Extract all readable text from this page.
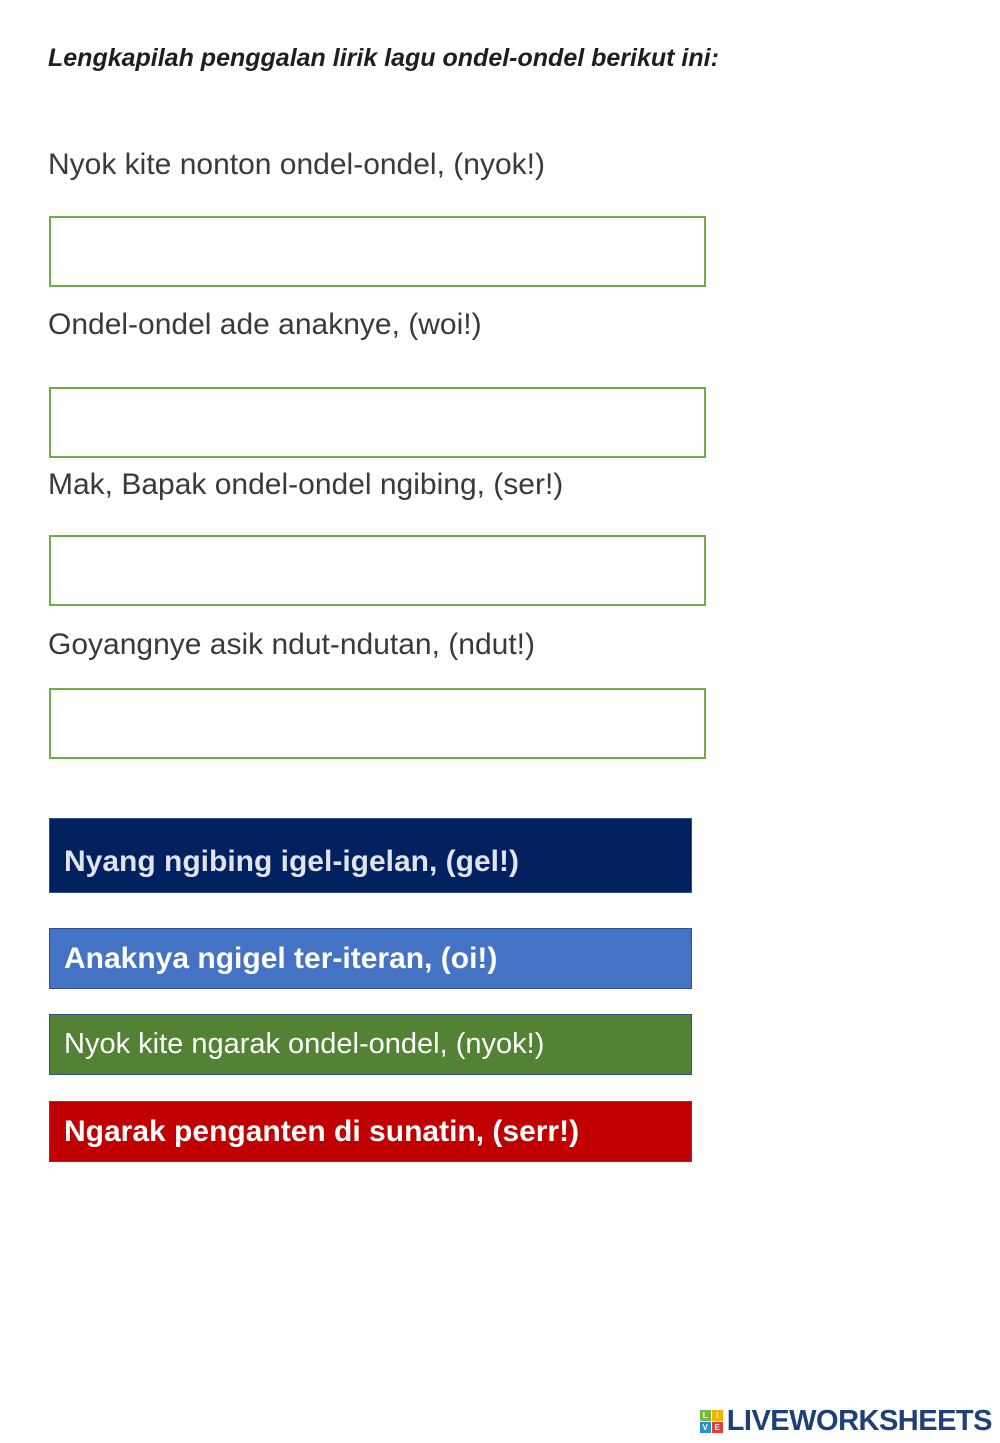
Lengkapilah penggalan lirik lagu ondel-ondel berikut ini:
Nyok kite nonton ondel-ondel, (nyok!)
Ondel-ondel ade anaknye, (woi!)
Mak, Bapak ondel-ondel ngibing, (ser!)
Goyangnye asik ndut-ndutan, (ndut!)
Nyang ngibing igel-igelan, (gel!)
Anaknya ngigel ter-iteran, (oi!)
Nyok kite ngarak ondel-ondel, (nyok!)
Ngarak penganten di sunatin, (serr!)
L	I
V E LIVEWORKSHEETS
